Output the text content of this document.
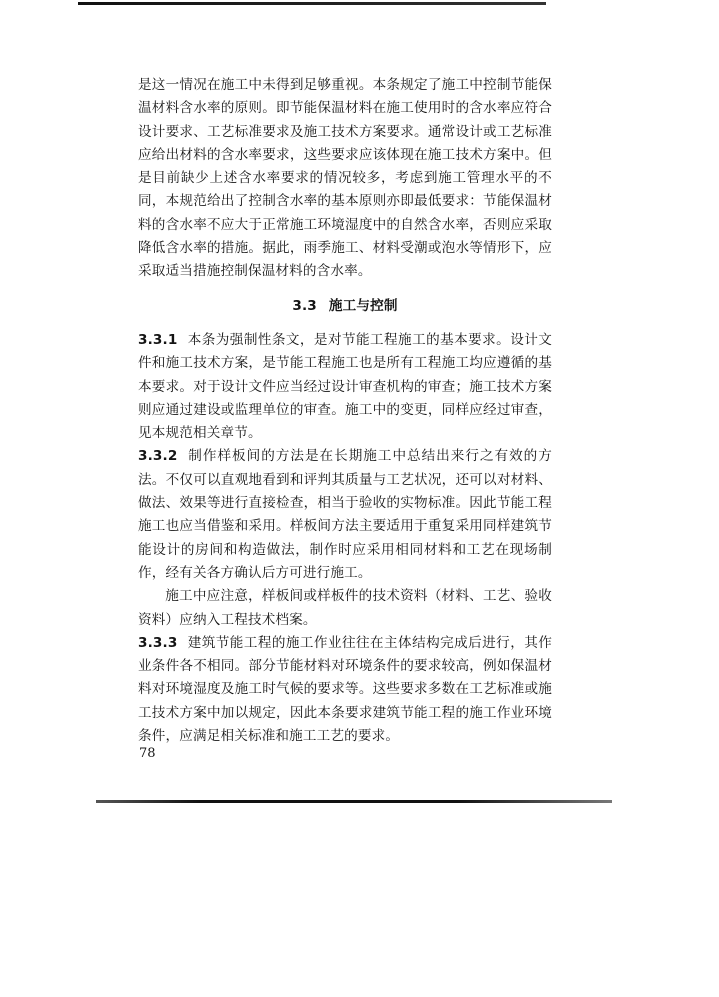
是这一情况在施工中未得到足够重视。本条规定了施工中控制节能保温材料含水率的原则。即节能保温材料在施工使用时的含水率应符合设计要求、工艺标准要求及施工技术方案要求。通常设计或工艺标准应给出材料的含水率要求，这些要求应该体现在施工技术方案中。但是目前缺少上述含水率要求的情况较多，考虑到施工管理水平的不同，本规范给出了控制含水率的基本原则亦即最低要求：节能保温材料的含水率不应大于正常施工环境湿度中的自然含水率，否则应采取降低含水率的措施。据此，雨季施工、材料受潮或泡水等情形下，应采取适当措施控制保温材料的含水率。

3.3 施工与控制

3.3.1 本条为强制性条文，是对节能工程施工的基本要求。设计文件和施工技术方案，是节能工程施工也是所有工程施工均应遵循的基本要求。对于设计文件应当经过设计审查机构的审查；施工技术方案则应通过建设或监理单位的审查。施工中的变更，同样应经过审查，见本规范相关章节。

3.3.2 制作样板间的方法是在长期施工中总结出来行之有效的方法。不仅可以直观地看到和评判其质量与工艺状况，还可以对材料、做法、效果等进行直接检查，相当于验收的实物标准。因此节能工程施工也应当借鉴和采用。样板间方法主要适用于重复采用同样建筑节能设计的房间和构造做法，制作时应采用相同材料和工艺在现场制作，经有关各方确认后方可进行施工。

施工中应注意，样板间或样板件的技术资料（材料、工艺、验收资料）应纳入工程技术档案。

3.3.3 建筑节能工程的施工作业往往在主体结构完成后进行，其作业条件各不相同。部分节能材料对环境条件的要求较高，例如保温材料对环境湿度及施工时气候的要求等。这些要求多数在工艺标准或施工技术方案中加以规定，因此本条要求建筑节能工程的施工作业环境条件，应满足相关标准和施工工艺的要求。

78
